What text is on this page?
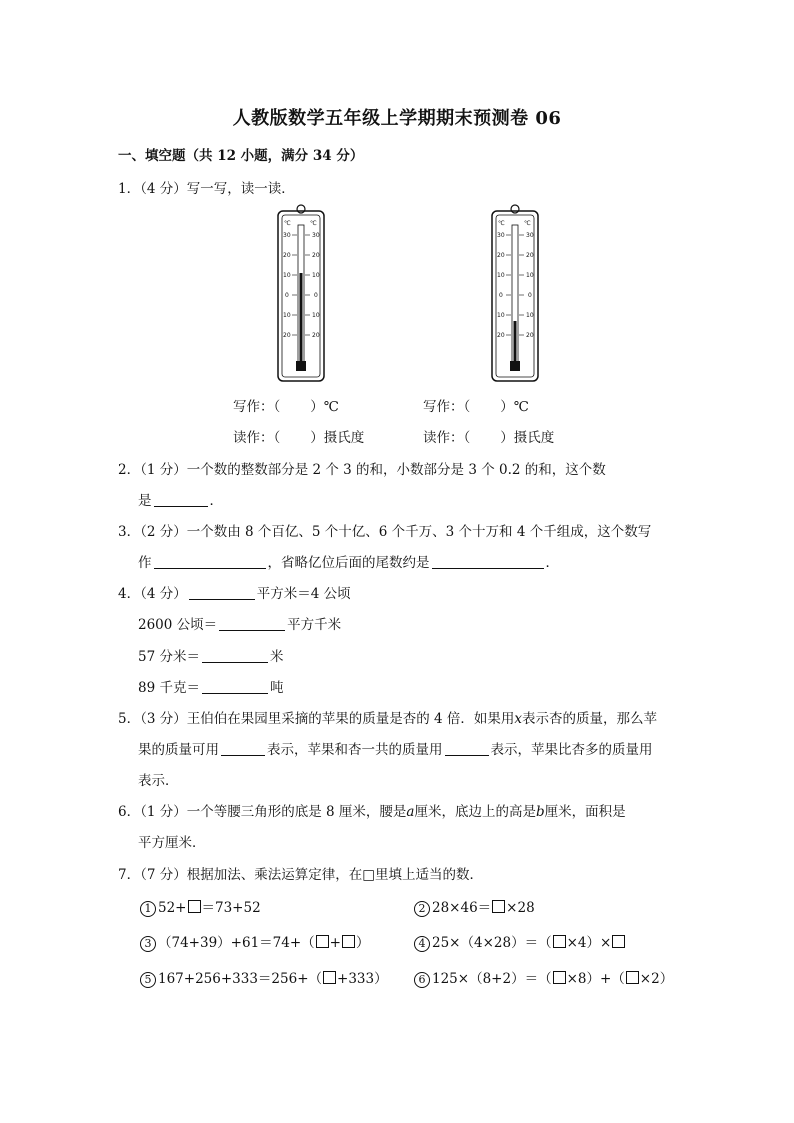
人教版数学五年级上学期期末预测卷 06
一、填空题（共 12 小题，满分 34 分）
1．（4 分）写一写，读一读．
℃	℃
30	30
20	20
10	10
0	0
10	10
20	20
℃	℃
30	30
20	20
10	10
0	0
10	10
20	20
写作：（ ）℃	写作：（ ）℃
读作：（ ）摄氏度	读作：（ ）摄氏度
2．（1 分）一个数的整数部分是 2 个 3 的和，小数部分是 3 个 0.2 的和，这个数
是	．
3．（2 分）一个数由 8 个百亿、5 个十亿、6 个千万、3 个十万和 4 个千组成，这个数写
作	，省略亿位后面的尾数约是	．
4．（4 分）	平方米＝4 公顷
2600 公顷＝	平方千米
57 分米＝	米
89 千克＝	吨
5．（3 分）王伯伯在果园里采摘的苹果的质量是杏的 4 倍．如果用x表示杏的质量，那么苹
果的质量可用	表示，苹果和杏一共的质量用	表示，苹果比杏多的质量用
表示．
6．（1 分）一个等腰三角形的底是 8 厘米，腰是a厘米，底边上的高是b厘米，面积是
平方厘米．
7．（7 分）根据加法、乘法运算定律，在□里填上适当的数．
1 52+ ＝73+52	2 28×46＝ ×28
3 （74+39）+61＝74+（ + ）	4 25×（4×28）＝（ ×4）×
5 167+256+333＝256+（ +333）	6 125×（8+2）＝（ ×8）+（ ×2）
